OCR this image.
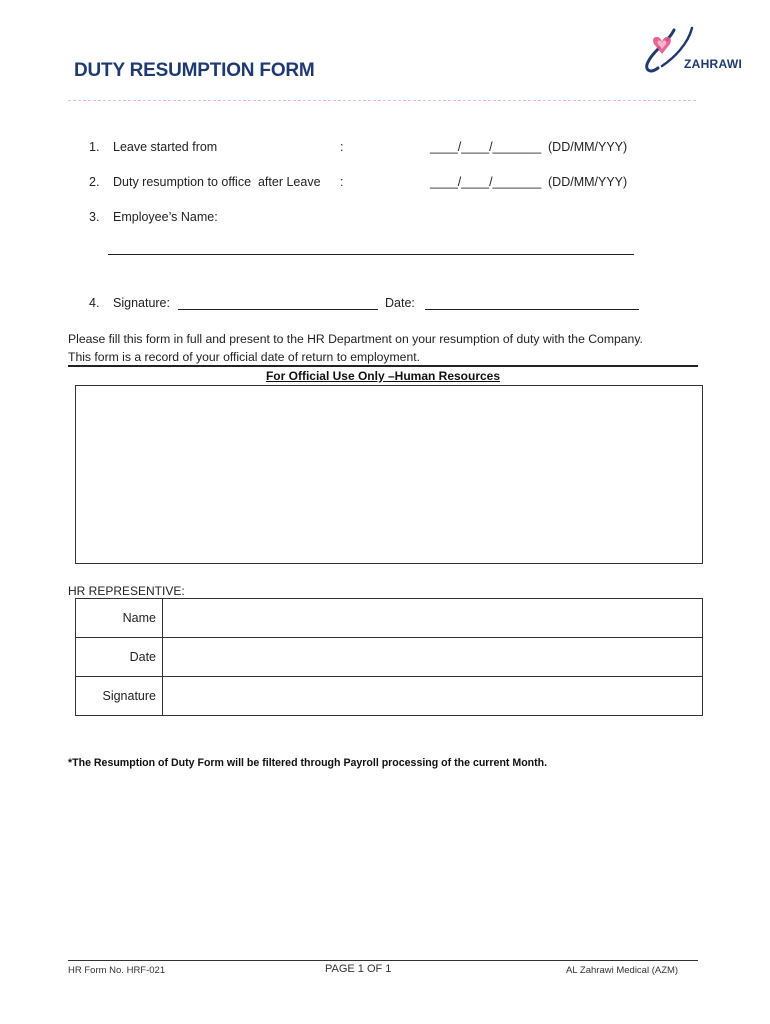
DUTY RESUMPTION FORM	ZAHRAWI
1. Leave started from	:	____/____/_______ (DD/MM/YYY)
2. Duty resumption to office  after Leave :	____/____/_______ (DD/MM/YYY)
3. Employee’s Name:
4. Signature:	Date:
Please fill this form in full and present to the HR Department on your resumption of duty with the Company.
This form is a record of your official date of return to employment.
For Official Use Only –Human Resources
HR REPRESENTIVE:
Name	
Date	
Signature	
*The Resumption of Duty Form will be filtered through Payroll processing of the current Month.
HR Form No. HRF-021	PAGE 1 OF 1	AL Zahrawi Medical (AZM)
